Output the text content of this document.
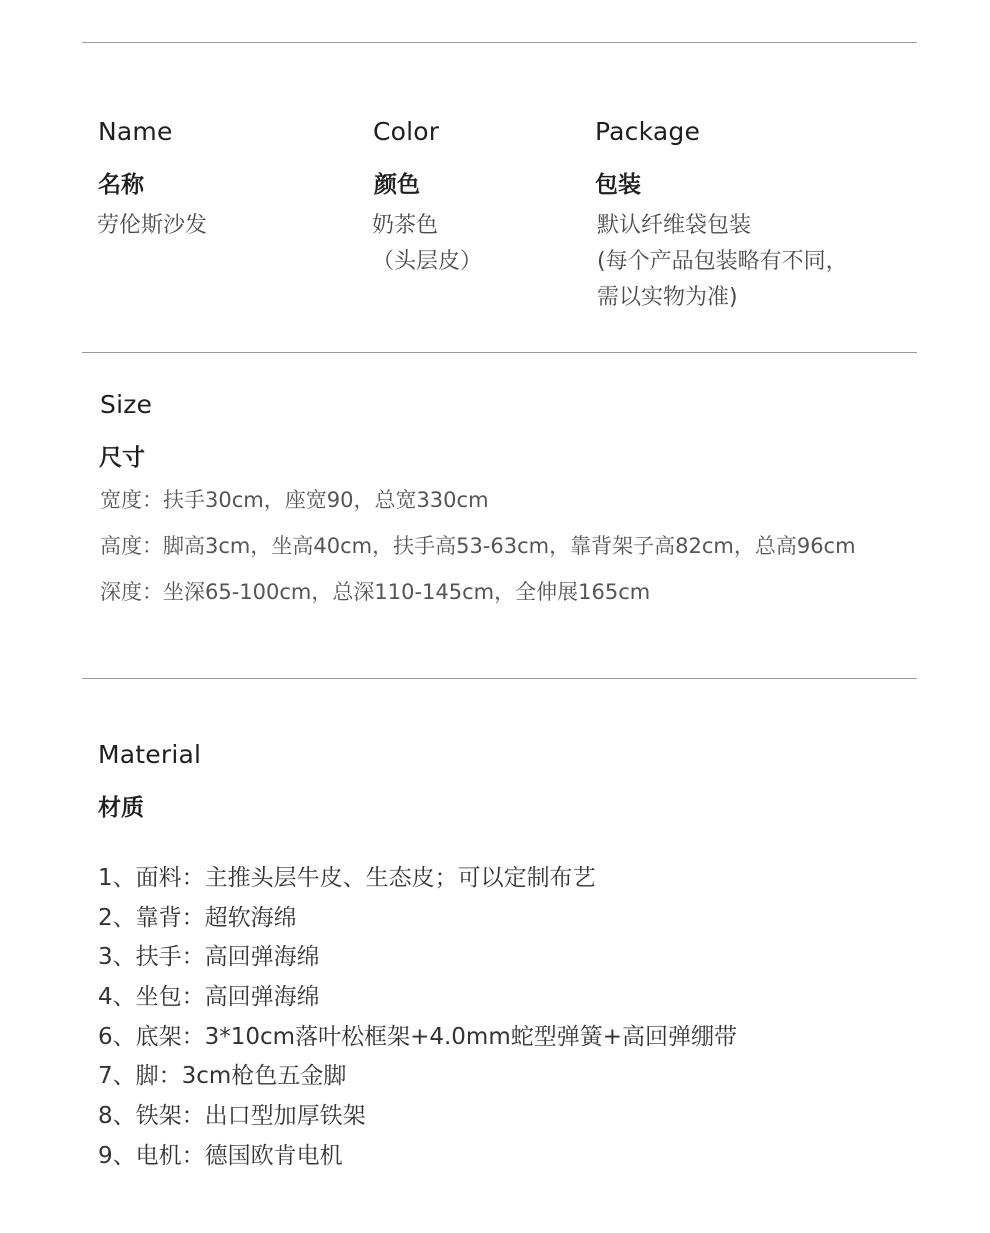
Name
名称
劳伦斯沙发
Color
颜色
奶茶色
（头层皮）
Package
包装
默认纤维袋包装
(每个产品包装略有不同，
需以实物为准)
Size
尺寸
宽度：扶手30cm，座宽90，总宽330cm
高度：脚高3cm，坐高40cm，扶手高53-63cm，靠背架子高82cm，总高96cm
深度：坐深65-100cm，总深110-145cm，全伸展165cm
Material
材质
1、面料：主推头层牛皮、生态皮；可以定制布艺
2、靠背：超软海绵
3、扶手：高回弹海绵
4、坐包：高回弹海绵
6、底架：3*10cm落叶松框架+4.0mm蛇型弹簧+高回弹绷带
7、脚：3cm枪色五金脚
8、铁架：出口型加厚铁架
9、电机：德国欧肯电机
